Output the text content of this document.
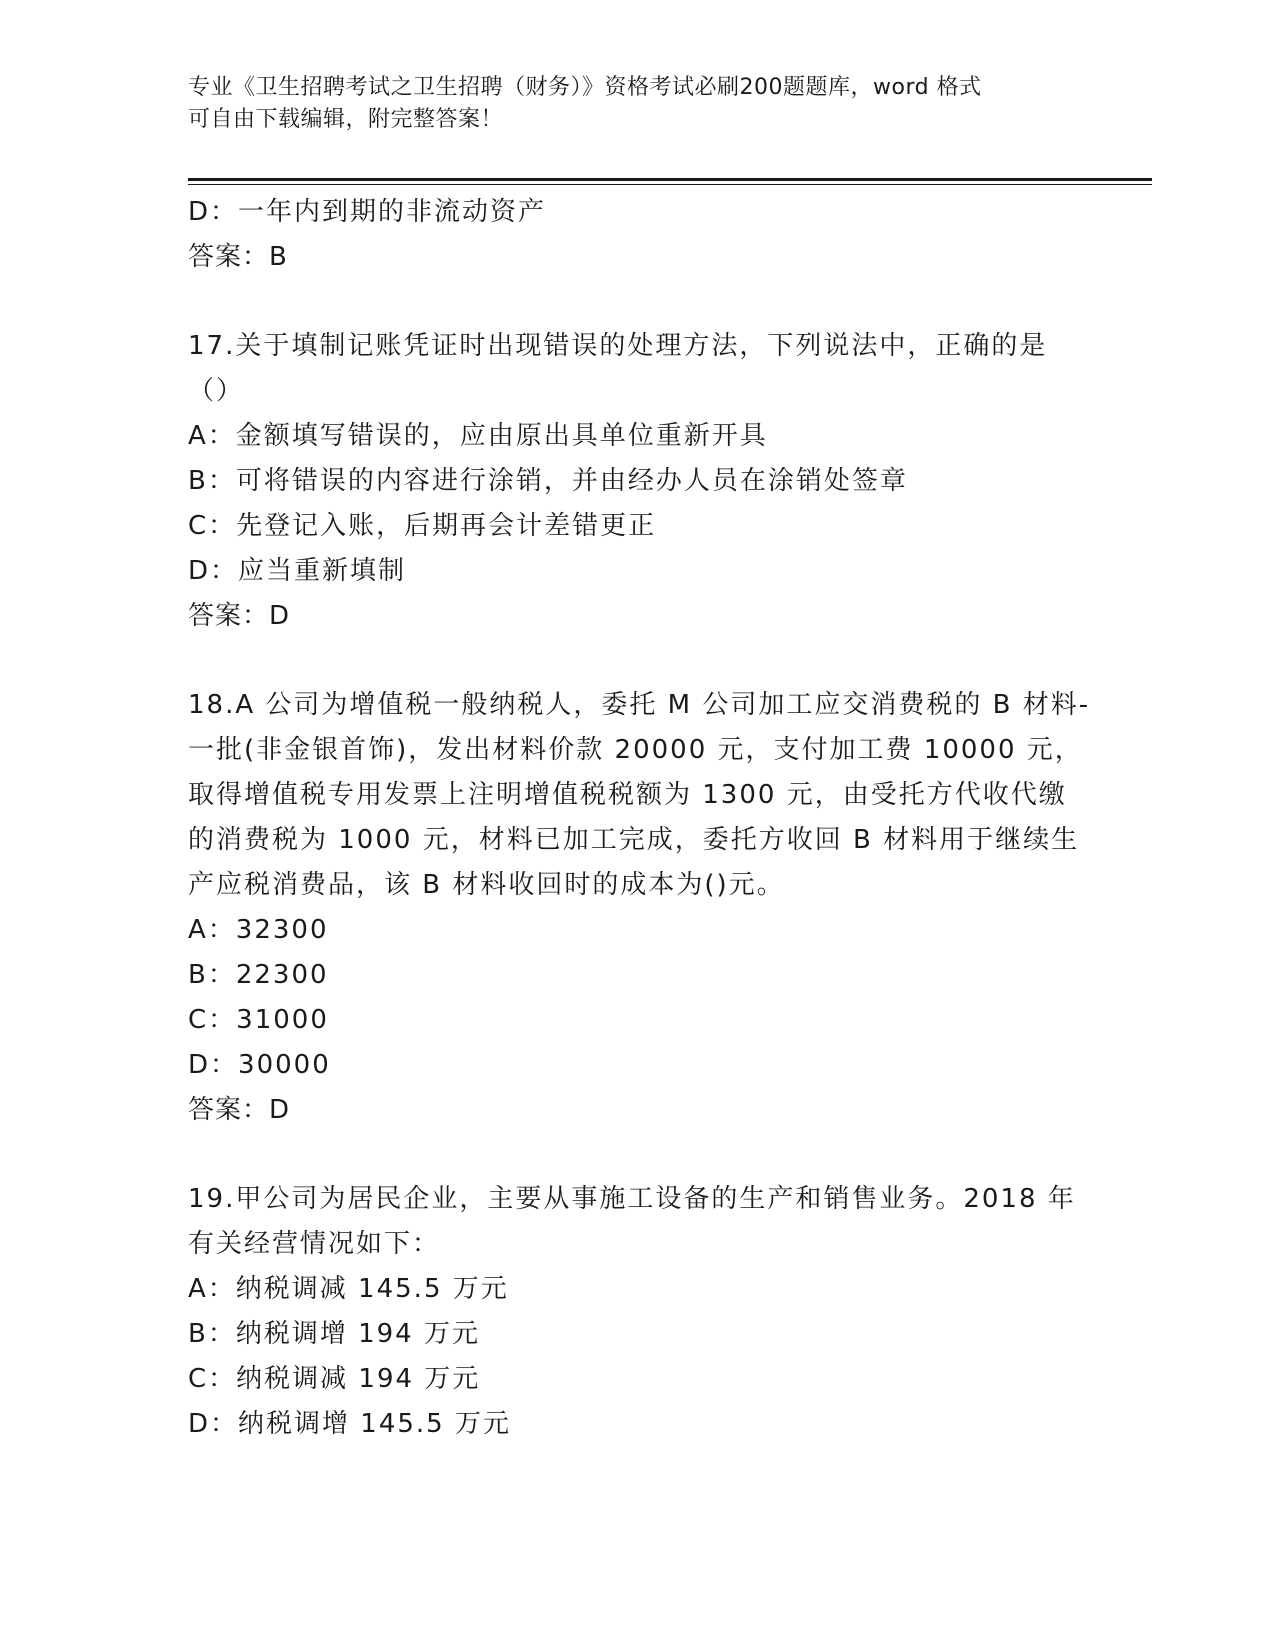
专业《卫生招聘考试之卫生招聘（财务）》资格考试必刷200题题库，word 格式
可自由下载编辑，附完整答案！
D：一年内到期的非流动资产
答案：B
17.关于填制记账凭证时出现错误的处理方法，下列说法中，正确的是
（）
A：金额填写错误的，应由原出具单位重新开具
B：可将错误的内容进行涂销，并由经办人员在涂销处签章
C：先登记入账，后期再会计差错更正
D：应当重新填制
答案：D
18.A 公司为增值税一般纳税人，委托 M 公司加工应交消费税的 B 材料-
一批(非金银首饰)，发出材料价款 20000 元，支付加工费 10000 元，
取得增值税专用发票上注明增值税税额为 1300 元，由受托方代收代缴
的消费税为 1000 元，材料已加工完成，委托方收回 B 材料用于继续生
产应税消费品，该 B 材料收回时的成本为()元。
A：32300
B：22300
C：31000
D：30000
答案：D
19.甲公司为居民企业，主要从事施工设备的生产和销售业务。2018 年
有关经营情况如下：
A：纳税调减 145.5 万元
B：纳税调增 194 万元
C：纳税调减 194 万元
D：纳税调增 145.5 万元
